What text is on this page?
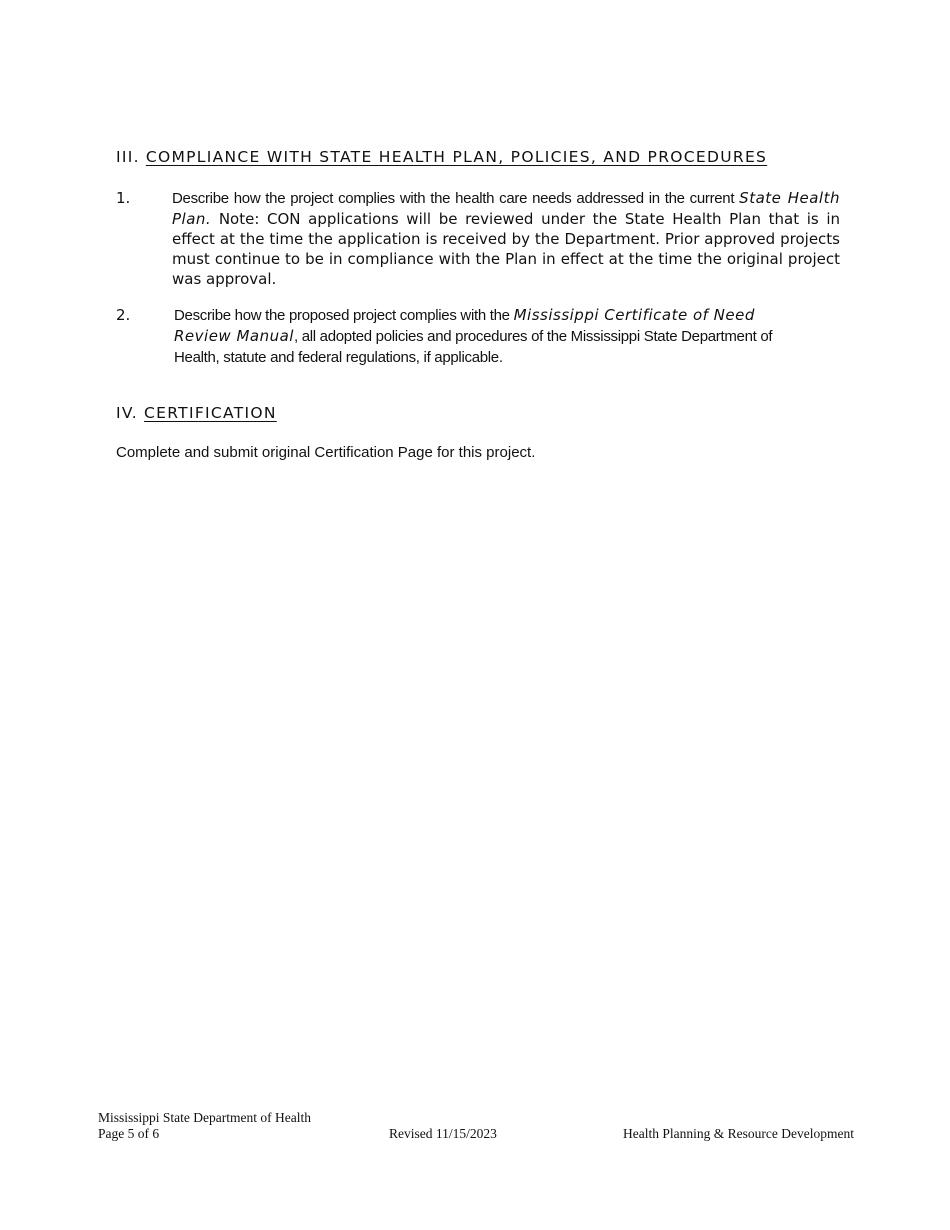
III. COMPLIANCE WITH STATE HEALTH PLAN, POLICIES, AND PROCEDURES
1.	Describe how the project complies with the health care needs addressed in the current State Health Plan. Note: CON applications will be reviewed under the State Health Plan that is in effect at the time the application is received by the Department. Prior approved projects must continue to be in compliance with the Plan in effect at the time the original project was approval.
2.	Describe how the proposed project complies with the Mississippi Certificate of Need Review Manual, all adopted policies and procedures of the Mississippi State Department of Health, statute and federal regulations, if applicable.
IV. CERTIFICATION
Complete and submit original Certification Page for this project.
Mississippi State Department of Health
Page 5 of 6	Revised 11/15/2023	Health Planning & Resource Development
